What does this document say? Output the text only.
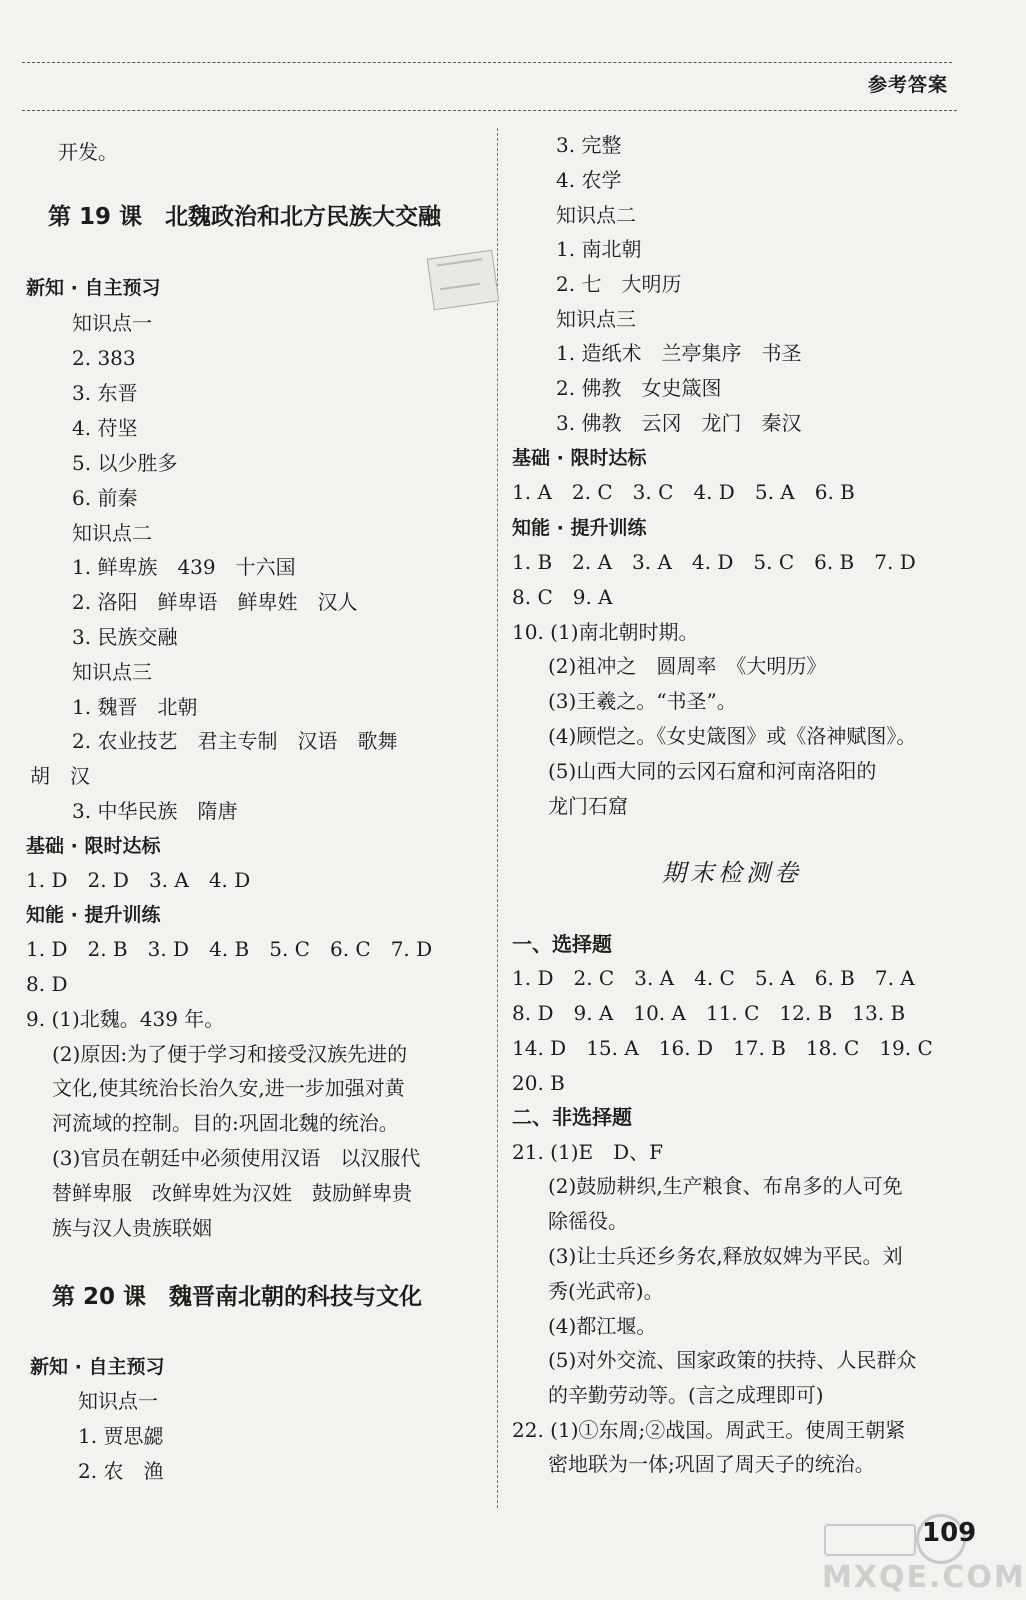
参考答案
开发。
第 19 课　北魏政治和北方民族大交融
新知 · 自主预习
知识点一
2. 383
3. 东晋
4. 苻坚
5. 以少胜多
6. 前秦
知识点二
1. 鲜卑族　439　十六国
2. 洛阳　鲜卑语　鲜卑姓　汉人
3. 民族交融
知识点三
1. 魏晋　北朝
2. 农业技艺　君主专制　汉语　歌舞
胡　汉
3. 中华民族　隋唐
基础 · 限时达标
1. D　2. D　3. A　4. D
知能 · 提升训练
1. D　2. B　3. D　4. B　5. C　6. C　7. D
8. D
9. (1)北魏。439 年。
(2)原因:为了便于学习和接受汉族先进的
文化,使其统治长治久安,进一步加强对黄
河流域的控制。目的:巩固北魏的统治。
(3)官员在朝廷中必须使用汉语　以汉服代
替鲜卑服　改鲜卑姓为汉姓　鼓励鲜卑贵
族与汉人贵族联姻
第 20 课　魏晋南北朝的科技与文化
新知 · 自主预习
知识点一
1. 贾思勰
2. 农　渔
3. 完整
4. 农学
知识点二
1. 南北朝
2. 七　大明历
知识点三
1. 造纸术　兰亭集序　书圣
2. 佛教　女史箴图
3. 佛教　云冈　龙门　秦汉
基础 · 限时达标
1. A　2. C　3. C　4. D　5. A　6. B
知能 · 提升训练
1. B　2. A　3. A　4. D　5. C　6. B　7. D
8. C　9. A
10. (1)南北朝时期。
(2)祖冲之　圆周率　《大明历》
(3)王羲之。“书圣”。
(4)顾恺之。《女史箴图》或《洛神赋图》。
(5)山西大同的云冈石窟和河南洛阳的
龙门石窟
期末检测卷
一、选择题
1. D　2. C　3. A　4. C　5. A　6. B　7. A
8. D　9. A　10. A　11. C　12. B　13. B
14. D　15. A　16. D　17. B　18. C　19. C
20. B
二、非选择题
21. (1)E　D、F
(2)鼓励耕织,生产粮食、布帛多的人可免
除徭役。
(3)让士兵还乡务农,释放奴婢为平民。刘
秀(光武帝)。
(4)都江堰。
(5)对外交流、国家政策的扶持、人民群众
的辛勤劳动等。(言之成理即可)
22. (1)①东周;②战国。周武王。使周王朝紧
密地联为一体;巩固了周天子的统治。
109
MXQE.COM
